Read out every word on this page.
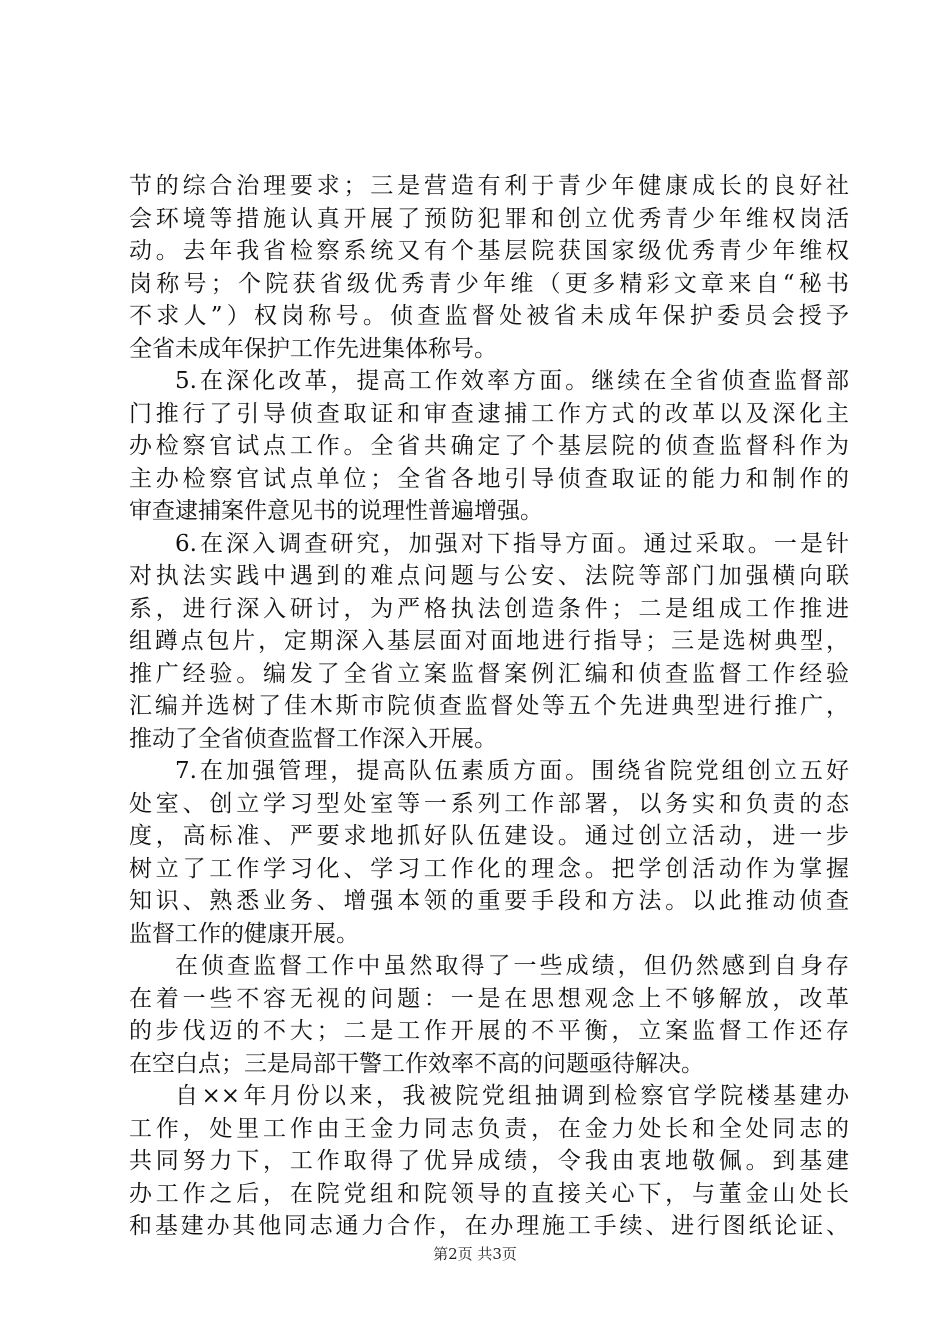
节的综合治理要求；三是营造有利于青少年健康成长的良好社
会环境等措施认真开展了预防犯罪和创立优秀青少年维权岗活
动。去年我省检察系统又有个基层院获国家级优秀青少年维权
岗称号；个院获省级优秀青少年维（更多精彩文章来自“秘书
不求人”）权岗称号。侦查监督处被省未成年保护委员会授予
全省未成年保护工作先进集体称号。
5.在深化改革，提高工作效率方面。继续在全省侦查监督部
门推行了引导侦查取证和审查逮捕工作方式的改革以及深化主
办检察官试点工作。全省共确定了个基层院的侦查监督科作为
主办检察官试点单位；全省各地引导侦查取证的能力和制作的
审查逮捕案件意见书的说理性普遍增强。
6.在深入调查研究，加强对下指导方面。通过采取。一是针
对执法实践中遇到的难点问题与公安、法院等部门加强横向联
系，进行深入研讨，为严格执法创造条件；二是组成工作推进
组蹲点包片，定期深入基层面对面地进行指导；三是选树典型，
推广经验。编发了全省立案监督案例汇编和侦查监督工作经验
汇编并选树了佳木斯市院侦查监督处等五个先进典型进行推广，
推动了全省侦查监督工作深入开展。
7.在加强管理，提高队伍素质方面。围绕省院党组创立五好
处室、创立学习型处室等一系列工作部署，以务实和负责的态
度，高标准、严要求地抓好队伍建设。通过创立活动，进一步
树立了工作学习化、学习工作化的理念。把学创活动作为掌握
知识、熟悉业务、增强本领的重要手段和方法。以此推动侦查
监督工作的健康开展。
在侦查监督工作中虽然取得了一些成绩，但仍然感到自身存
在着一些不容无视的问题：一是在思想观念上不够解放，改革
的步伐迈的不大；二是工作开展的不平衡，立案监督工作还存
在空白点；三是局部干警工作效率不高的问题亟待解决。
自××年月份以来，我被院党组抽调到检察官学院楼基建办
工作，处里工作由王金力同志负责，在金力处长和全处同志的
共同努力下，工作取得了优异成绩，令我由衷地敬佩。到基建
办工作之后，在院党组和院领导的直接关心下，与董金山处长
和基建办其他同志通力合作，在办理施工手续、进行图纸论证、
第2页 共3页
